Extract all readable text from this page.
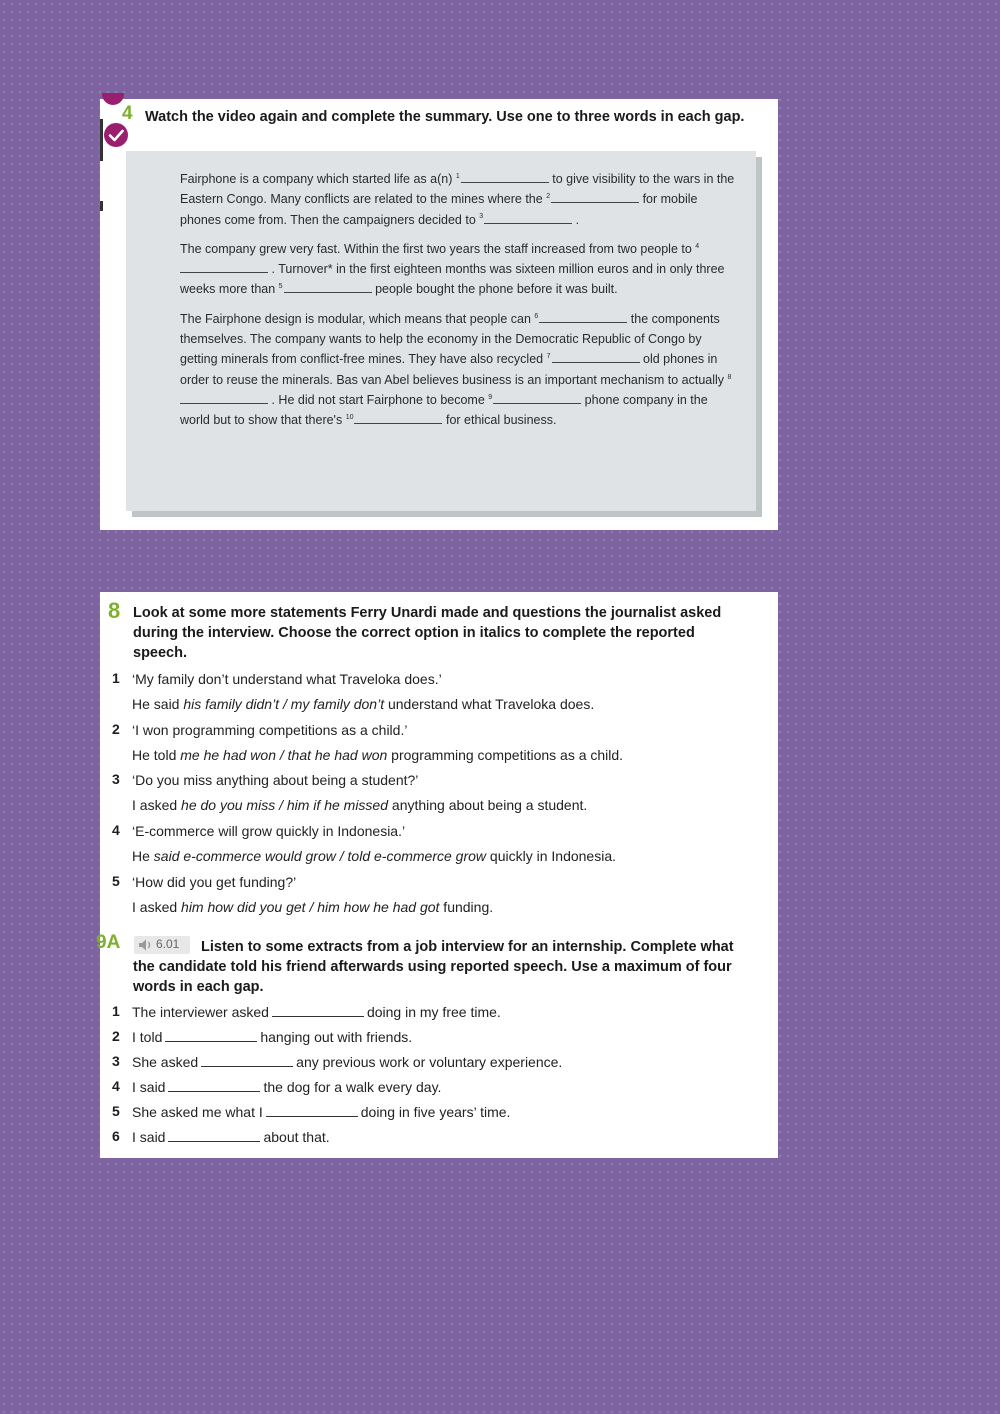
4 Watch the video again and complete the summary. Use one to three words in each gap.

Fairphone is a company which started life as a(n) $^1$	to give visibility to the wars in the Eastern Congo. Many conflicts are related to the mines where the $^2$	for mobile phones come from. Then the campaigners decided to $^3$	.

The company grew very fast. Within the first two years the staff increased from two people to $^4$ . Turnover* in the first eighteen months was sixteen million euros and in only three weeks more than $^5$	people bought the phone before it was built.

The Fairphone design is modular, which means that people can $^6$	the components themselves. The company wants to help the economy in the Democratic Republic of Congo by getting minerals from conflict-free mines. They have also recycled $^7$	old phones in order to reuse the minerals. Bas van Abel believes business is an important mechanism to actually $^8$ . He did not start Fairphone to become $^9$	phone company in the world but to show that there's $^{10}$	for ethical business.

8 Look at some more statements Ferry Unardi made and questions the journalist asked during the interview. Choose the correct option in italics to complete the reported speech.
1 ‘My family don’t understand what Traveloka does.’
He said his family didn’t / my family don’t understand what Traveloka does.
2 ‘I won programming competitions as a child.’
He told me he had won / that he had won programming competitions as a child.
3 ‘Do you miss anything about being a student?’
I asked he do you miss / him if he missed anything about being a student.
4 ‘E-commerce will grow quickly in Indonesia.’
He said e-commerce would grow / told e-commerce grow quickly in Indonesia.
5 ‘How did you get funding?’
I asked him how did you get / him how he had got funding.
9A	6.01	Listen to some extracts from a job interview for an internship. Complete what the candidate told his friend afterwards using reported speech. Use a maximum of four words in each gap.
1 The interviewer asked	doing in my free time.
2 I told	hanging out with friends.
3 She asked	any previous work or voluntary experience.
4 I said	the dog for a walk every day.
5 She asked me what I	doing in five years’ time.
6 I said	about that.
